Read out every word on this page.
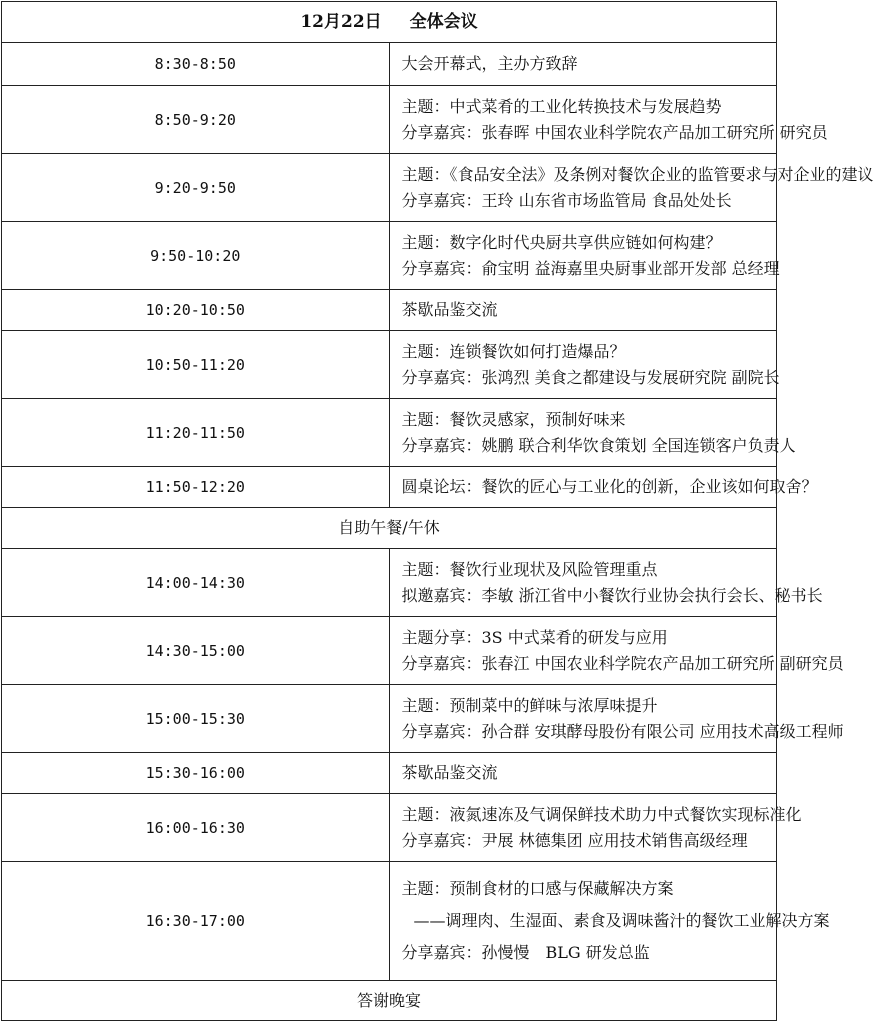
12月22日 全体会议	
8:30-8:50	大会开幕式，主办方致辞

8:50-9:20	主题：中式菜肴的工业化转换技术与发展趋势
分享嘉宾：张春晖 中国农业科学院农产品加工研究所 研究员

9:20-9:50	主题：《食品安全法》及条例对餐饮企业的监管要求与对企业的建议
分享嘉宾：王玲 山东省市场监管局 食品处处长

9:50-10:20	主题：数字化时代央厨共享供应链如何构建？
分享嘉宾：俞宝明 益海嘉里央厨事业部开发部 总经理

10:20-10:50	茶歇品鉴交流

10:50-11:20	主题：连锁餐饮如何打造爆品？
分享嘉宾：张鸿烈 美食之都建设与发展研究院 副院长

11:20-11:50	主题：餐饮灵感家，预制好味来
分享嘉宾：姚鹏 联合利华饮食策划 全国连锁客户负责人

11:50-12:20	圆桌论坛：餐饮的匠心与工业化的创新，企业该如何取舍？

自助午餐/午休	
14:00-14:30	主题：餐饮行业现状及风险管理重点
拟邀嘉宾：李敏 浙江省中小餐饮行业协会执行会长、秘书长

14:30-15:00	主题分享：3S 中式菜肴的研发与应用
分享嘉宾：张春江 中国农业科学院农产品加工研究所 副研究员

15:00-15:30	主题：预制菜中的鲜味与浓厚味提升
分享嘉宾：孙合群 安琪酵母股份有限公司 应用技术高级工程师

15:30-16:00	茶歇品鉴交流

16:00-16:30	主题：液氮速冻及气调保鲜技术助力中式餐饮实现标准化
分享嘉宾：尹展 林德集团 应用技术销售高级经理

16:30-17:00	主题：预制食材的口感与保藏解决方案
——调理肉、生湿面、素食及调味酱汁的餐饮工业解决方案
分享嘉宾：孙慢慢　BLG 研发总监

答谢晚宴	
